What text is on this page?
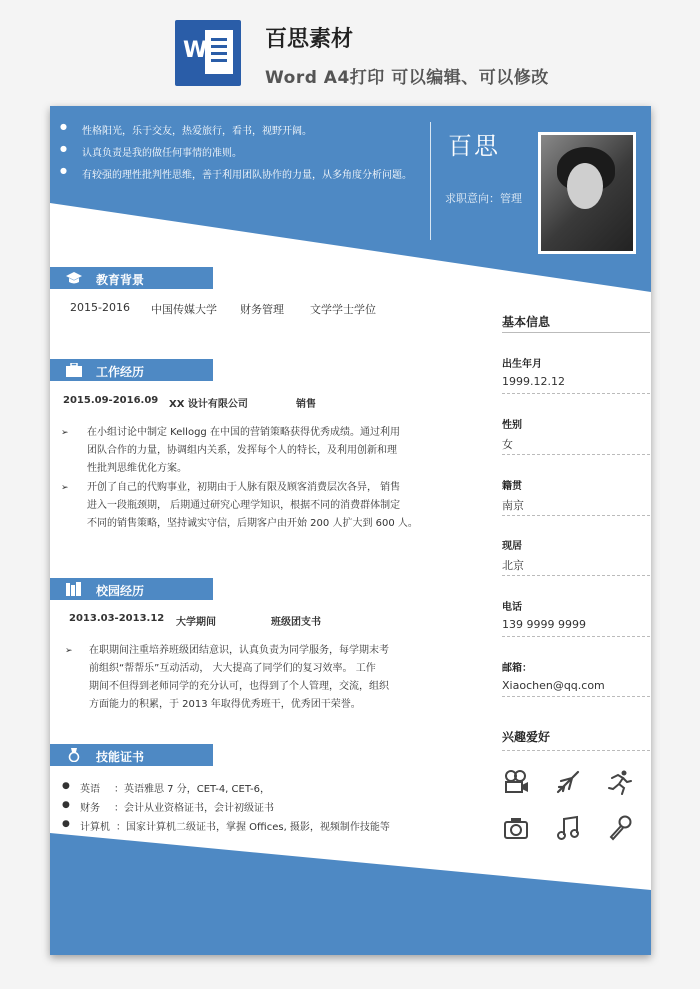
W	百思素材
Word A4打印 可以编辑、可以修改
● 性格阳光，乐于交友，热爱旅行，看书，视野开阔。
● 认真负责是我的做任何事情的准则。
● 有较强的理性批判性思维，善于利用团队协作的力量，从多角度分析问题。
百思
求职意向：管理
教育背景
2015-2016 中国传媒大学 财务管理 文学学士学位
工作经历
2015.09-2016.09 XX 设计有限公司	销售
➢ 在小组讨论中制定 Kellogg 在中国的营销策略获得优秀成绩。通过利用
团队合作的力量，协调组内关系，发挥每个人的特长，及利用创新和理
性批判思维优化方案。
➢ 开创了自己的代购事业，初期由于人脉有限及顾客消费层次各异， 销售
进入一段瓶颈期， 后期通过研究心理学知识，根据不同的消费群体制定
不同的销售策略，坚持诚实守信，后期客户由开始 200 人扩大到 600 人。
校园经历
2013.03-2013.12 大学期间	班级团支书
➢ 在职期间注重培养班级团结意识，认真负责为同学服务，每学期末考
前组织“帮帮乐”互动活动， 大大提高了同学们的复习效率。 工作
期间不但得到老师同学的充分认可，也得到了个人管理，交流，组织
方面能力的积累，于 2013 年取得优秀班干，优秀团干荣誉。
技能证书
● 英语 ：英语雅思 7 分，CET-4, CET-6，
● 财务 ：会计从业资格证书，会计初级证书
● 计算机 ：国家计算机二级证书，掌握 Offices, 摄影，视频制作技能等
基本信息
出生年月
1999.12.12
性别
女
籍贯
南京
现居
北京
电话
139 9999 9999
邮箱：
Xiaochen@qq.com
兴趣爱好
